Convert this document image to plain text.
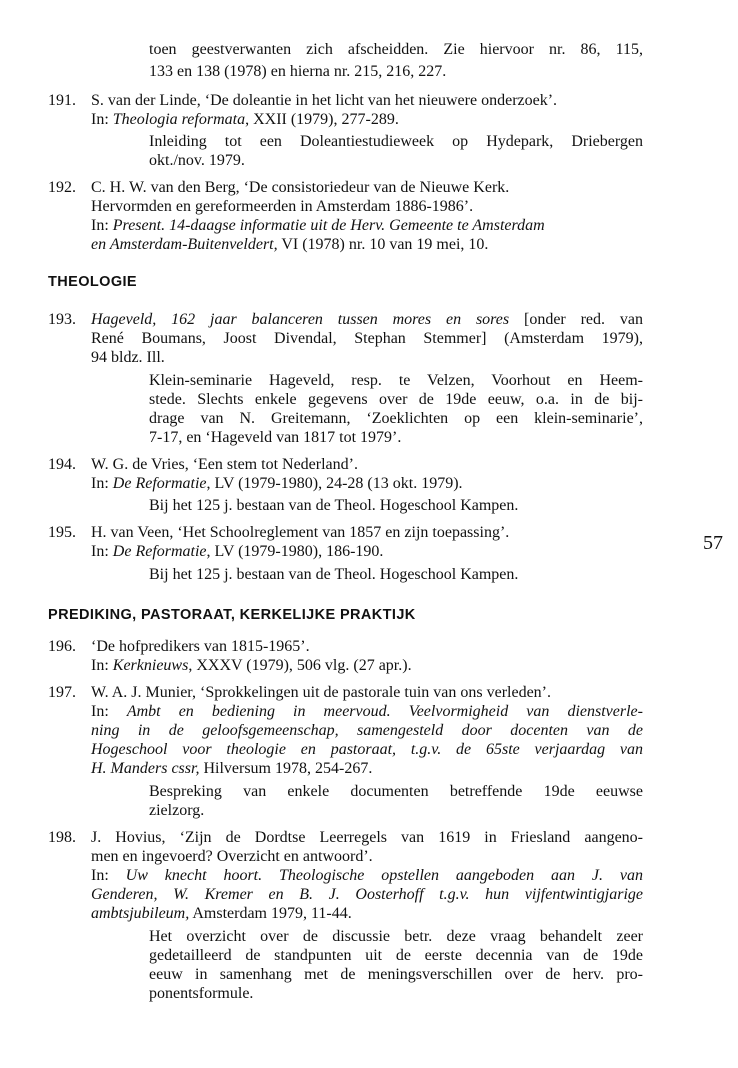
toen geestverwanten zich afscheidden. Zie hiervoor nr. 86, 115,
133 en 138 (1978) en hierna nr. 215, 216, 227.
191. S. van der Linde, ‘De doleantie in het licht van het nieuwere onderzoek’.
In: Theologia reformata, XXII (1979), 277-289.
Inleiding tot een Doleantiestudieweek op Hydepark, Driebergen
okt./nov. 1979.
192. C. H. W. van den Berg, ‘De consistoriedeur van de Nieuwe Kerk.
Hervormden en gereformeerden in Amsterdam 1886-1986’.
In: Present. 14-daagse informatie uit de Herv. Gemeente te Amsterdam
en Amsterdam-Buitenveldert, VI (1978) nr. 10 van 19 mei, 10.
THEOLOGIE
193. Hageveld, 162 jaar balanceren tussen mores en sores [onder red. van
René Boumans, Joost Divendal, Stephan Stemmer] (Amsterdam 1979),
94 bldz. Ill.
Klein-seminarie Hageveld, resp. te Velzen, Voorhout en Heem-
stede. Slechts enkele gegevens over de 19de eeuw, o.a. in de bij-
drage van N. Greitemann, ‘Zoeklichten op een klein-seminarie’,
7-17, en ‘Hageveld van 1817 tot 1979’.
194. W. G. de Vries, ‘Een stem tot Nederland’.
In: De Reformatie, LV (1979-1980), 24-28 (13 okt. 1979).
Bij het 125 j. bestaan van de Theol. Hogeschool Kampen.
195. H. van Veen, ‘Het Schoolreglement van 1857 en zijn toepassing’.
In: De Reformatie, LV (1979-1980), 186-190.
Bij het 125 j. bestaan van de Theol. Hogeschool Kampen.
57
PREDIKING, PASTORAAT, KERKELIJKE PRAKTIJK
196. ‘De hofpredikers van 1815-1965’.
In: Kerknieuws, XXXV (1979), 506 vlg. (27 apr.).
197. W. A. J. Munier, ‘Sprokkelingen uit de pastorale tuin van ons verleden’.
In: Ambt en bediening in meervoud. Veelvormigheid van dienstverle-
ning in de geloofsgemeenschap, samengesteld door docenten van de
Hogeschool voor theologie en pastoraat, t.g.v. de 65ste verjaardag van
H. Manders cssr, Hilversum 1978, 254-267.
Bespreking van enkele documenten betreffende 19de eeuwse
zielzorg.
198. J. Hovius, ‘Zijn de Dordtse Leerregels van 1619 in Friesland aangeno-
men en ingevoerd? Overzicht en antwoord’.
In: Uw knecht hoort. Theologische opstellen aangeboden aan J. van
Genderen, W. Kremer en B. J. Oosterhoff t.g.v. hun vijfentwintigjarige
ambtsjubileum, Amsterdam 1979, 11-44.
Het overzicht over de discussie betr. deze vraag behandelt zeer
gedetailleerd de standpunten uit de eerste decennia van de 19de
eeuw in samenhang met de meningsverschillen over de herv. pro-
ponentsformule.
